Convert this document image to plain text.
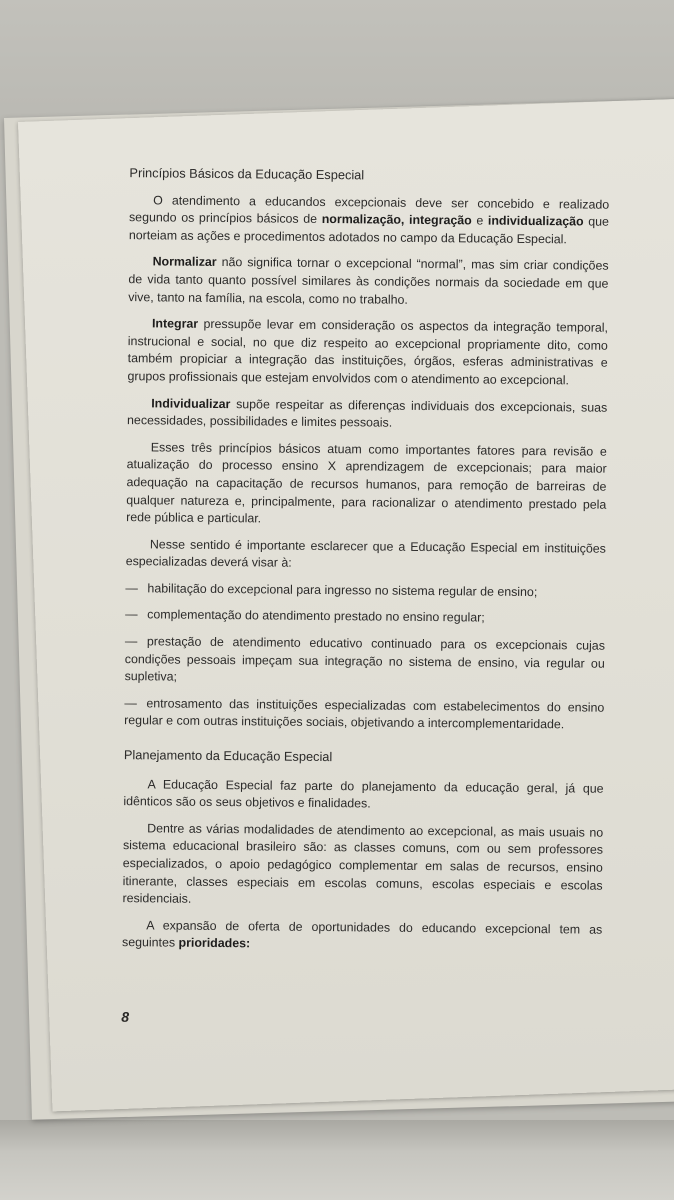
Princípios Básicos da Educação Especial

O atendimento a educandos excepcionais deve ser concebido e realizado segundo os princípios básicos de normalização, integração e individualização que norteiam as ações e procedimentos adotados no campo da Educação Especial.

Normalizar não significa tornar o excepcional “normal”, mas sim criar condições de vida tanto quanto possível similares às condições normais da sociedade em que vive, tanto na família, na escola, como no trabalho.

Integrar pressupõe levar em consideração os aspectos da integração temporal, instrucional e social, no que diz respeito ao excepcional propriamente dito, como também propiciar a integração das instituições, órgãos, esferas administrativas e grupos profissionais que estejam envolvidos com o atendimento ao excepcional.

Individualizar supõe respeitar as diferenças individuais dos excepcionais, suas necessidades, possibilidades e limites pessoais.

Esses três princípios básicos atuam como importantes fatores para revisão e atualização do processo ensino X aprendizagem de excepcionais; para maior adequação na capacitação de recursos humanos, para remoção de barreiras de qualquer natureza e, principalmente, para racionalizar o atendimento prestado pela rede pública e particular.

Nesse sentido é importante esclarecer que a Educação Especial em instituições especializadas deverá visar à:

— habilitação do excepcional para ingresso no sistema regular de ensino;

— complementação do atendimento prestado no ensino regular;

— prestação de atendimento educativo continuado para os excepcionais cujas condições pessoais impeçam sua integração no sistema de ensino, via regular ou supletiva;

— entrosamento das instituições especializadas com estabelecimentos do ensino regular e com outras instituições sociais, objetivando a intercomplementaridade.

Planejamento da Educação Especial

A Educação Especial faz parte do planejamento da educação geral, já que idênticos são os seus objetivos e finalidades.

Dentre as várias modalidades de atendimento ao excepcional, as mais usuais no sistema educacional brasileiro são: as classes comuns, com ou sem professores especializados, o apoio pedagógico complementar em salas de recursos, ensino itinerante, classes especiais em escolas comuns, escolas especiais e escolas residenciais.

A expansão de oferta de oportunidades do educando excepcional tem as seguintes prioridades:

8
